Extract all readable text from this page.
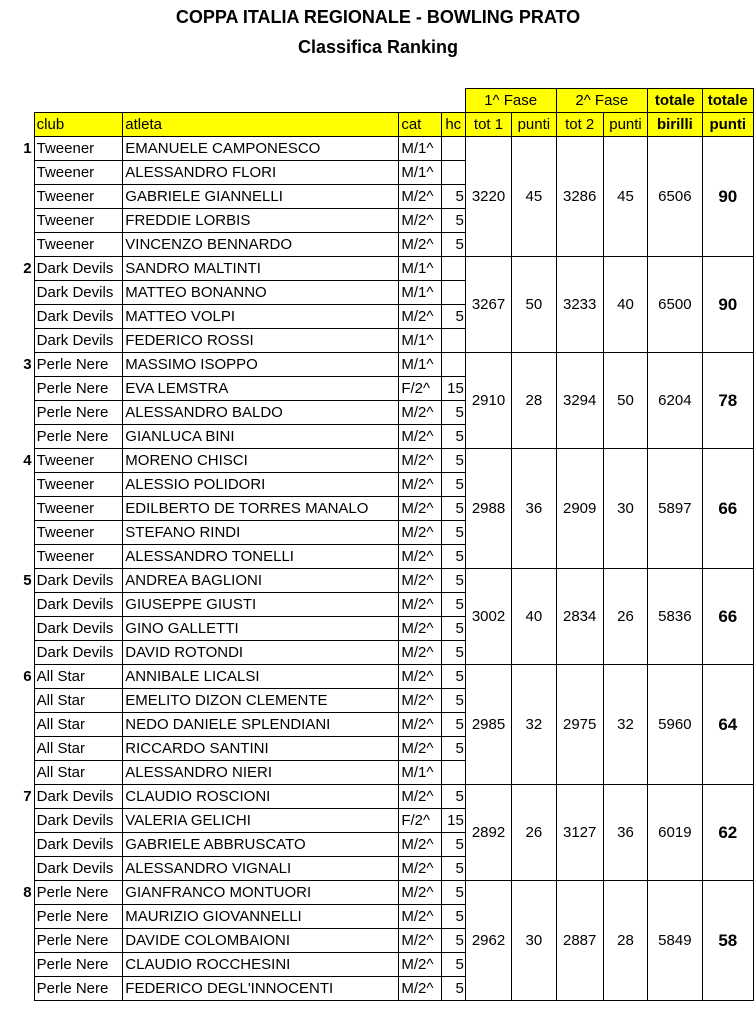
COPPA ITALIA REGIONALE - BOWLING PRATO
Classifica Ranking
					1^ Fase		2^ Fase		totale	totale
	club	atleta	cat	hc	tot 1	punti	tot 2	punti	birilli	punti
1	Tweener	EMANUELE CAMPONESCO	M/1^		3220	45	3286	45	6506	90
	Tweener	ALESSANDRO FLORI	M/1^							
	Tweener	GABRIELE GIANNELLI	M/2^	5						
	Tweener	FREDDIE LORBIS	M/2^	5						
	Tweener	VINCENZO BENNARDO	M/2^	5						
2	Dark Devils	SANDRO MALTINTI	M/1^		3267	50	3233	40	6500	90
	Dark Devils	MATTEO BONANNO	M/1^							
	Dark Devils	MATTEO VOLPI	M/2^	5						
	Dark Devils	FEDERICO ROSSI	M/1^							
3	Perle Nere	MASSIMO ISOPPO	M/1^		2910	28	3294	50	6204	78
	Perle Nere	EVA LEMSTRA	F/2^	15						
	Perle Nere	ALESSANDRO BALDO	M/2^	5						
	Perle Nere	GIANLUCA BINI	M/2^	5						
4	Tweener	MORENO CHISCI	M/2^	5	2988	36	2909	30	5897	66
	Tweener	ALESSIO POLIDORI	M/2^	5						
	Tweener	EDILBERTO DE TORRES MANALO	M/2^	5						
	Tweener	STEFANO RINDI	M/2^	5						
	Tweener	ALESSANDRO TONELLI	M/2^	5						
5	Dark Devils	ANDREA BAGLIONI	M/2^	5	3002	40	2834	26	5836	66
	Dark Devils	GIUSEPPE GIUSTI	M/2^	5						
	Dark Devils	GINO GALLETTI	M/2^	5						
	Dark Devils	DAVID ROTONDI	M/2^	5						
6	All Star	ANNIBALE LICALSI	M/2^	5	2985	32	2975	32	5960	64
	All Star	EMELITO DIZON CLEMENTE	M/2^	5						
	All Star	NEDO DANIELE SPLENDIANI	M/2^	5						
	All Star	RICCARDO SANTINI	M/2^	5						
	All Star	ALESSANDRO NIERI	M/1^							
7	Dark Devils	CLAUDIO ROSCIONI	M/2^	5	2892	26	3127	36	6019	62
	Dark Devils	VALERIA GELICHI	F/2^	15						
	Dark Devils	GABRIELE ABBRUSCATO	M/2^	5						
	Dark Devils	ALESSANDRO VIGNALI	M/2^	5						
8	Perle Nere	GIANFRANCO MONTUORI	M/2^	5	2962	30	2887	28	5849	58
	Perle Nere	MAURIZIO GIOVANNELLI	M/2^	5						
	Perle Nere	DAVIDE COLOMBAIONI	M/2^	5						
	Perle Nere	CLAUDIO ROCCHESINI	M/2^	5						
	Perle Nere	FEDERICO DEGL'INNOCENTI	M/2^	5						
